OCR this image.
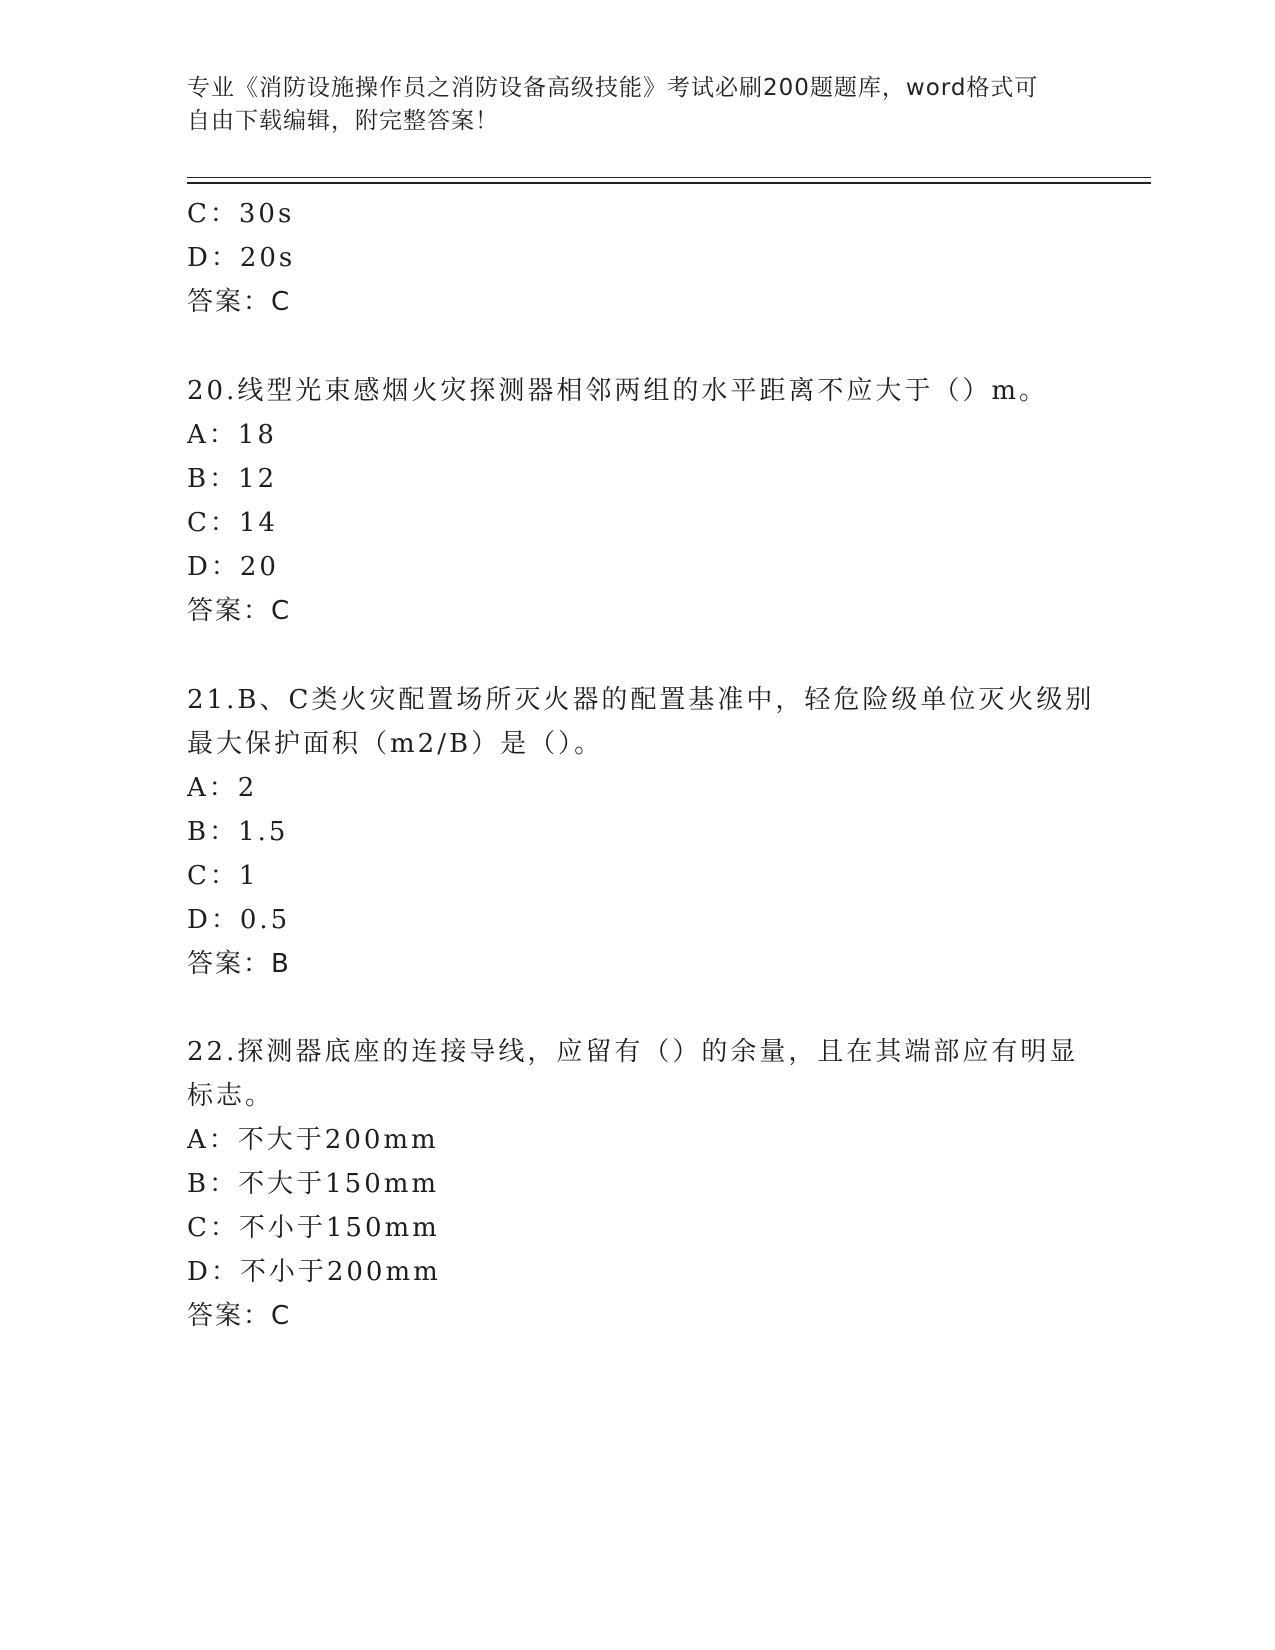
专业《消防设施操作员之消防设备高级技能》考试必刷200题题库，word格式可
自由下载编辑，附完整答案！
C：30s
D：20s
答案：C
20.线型光束感烟火灾探测器相邻两组的水平距离不应大于（）m。
A：18
B：12
C：14
D：20
答案：C
21.B、C类火灾配置场所灭火器的配置基准中，轻危险级单位灭火级别
最大保护面积（m2/B）是（）。
A：2
B：1.5
C：1
D：0.5
答案：B
22.探测器底座的连接导线，应留有（）的余量，且在其端部应有明显
标志。
A：不大于200mm
B：不大于150mm
C：不小于150mm
D：不小于200mm
答案：C
